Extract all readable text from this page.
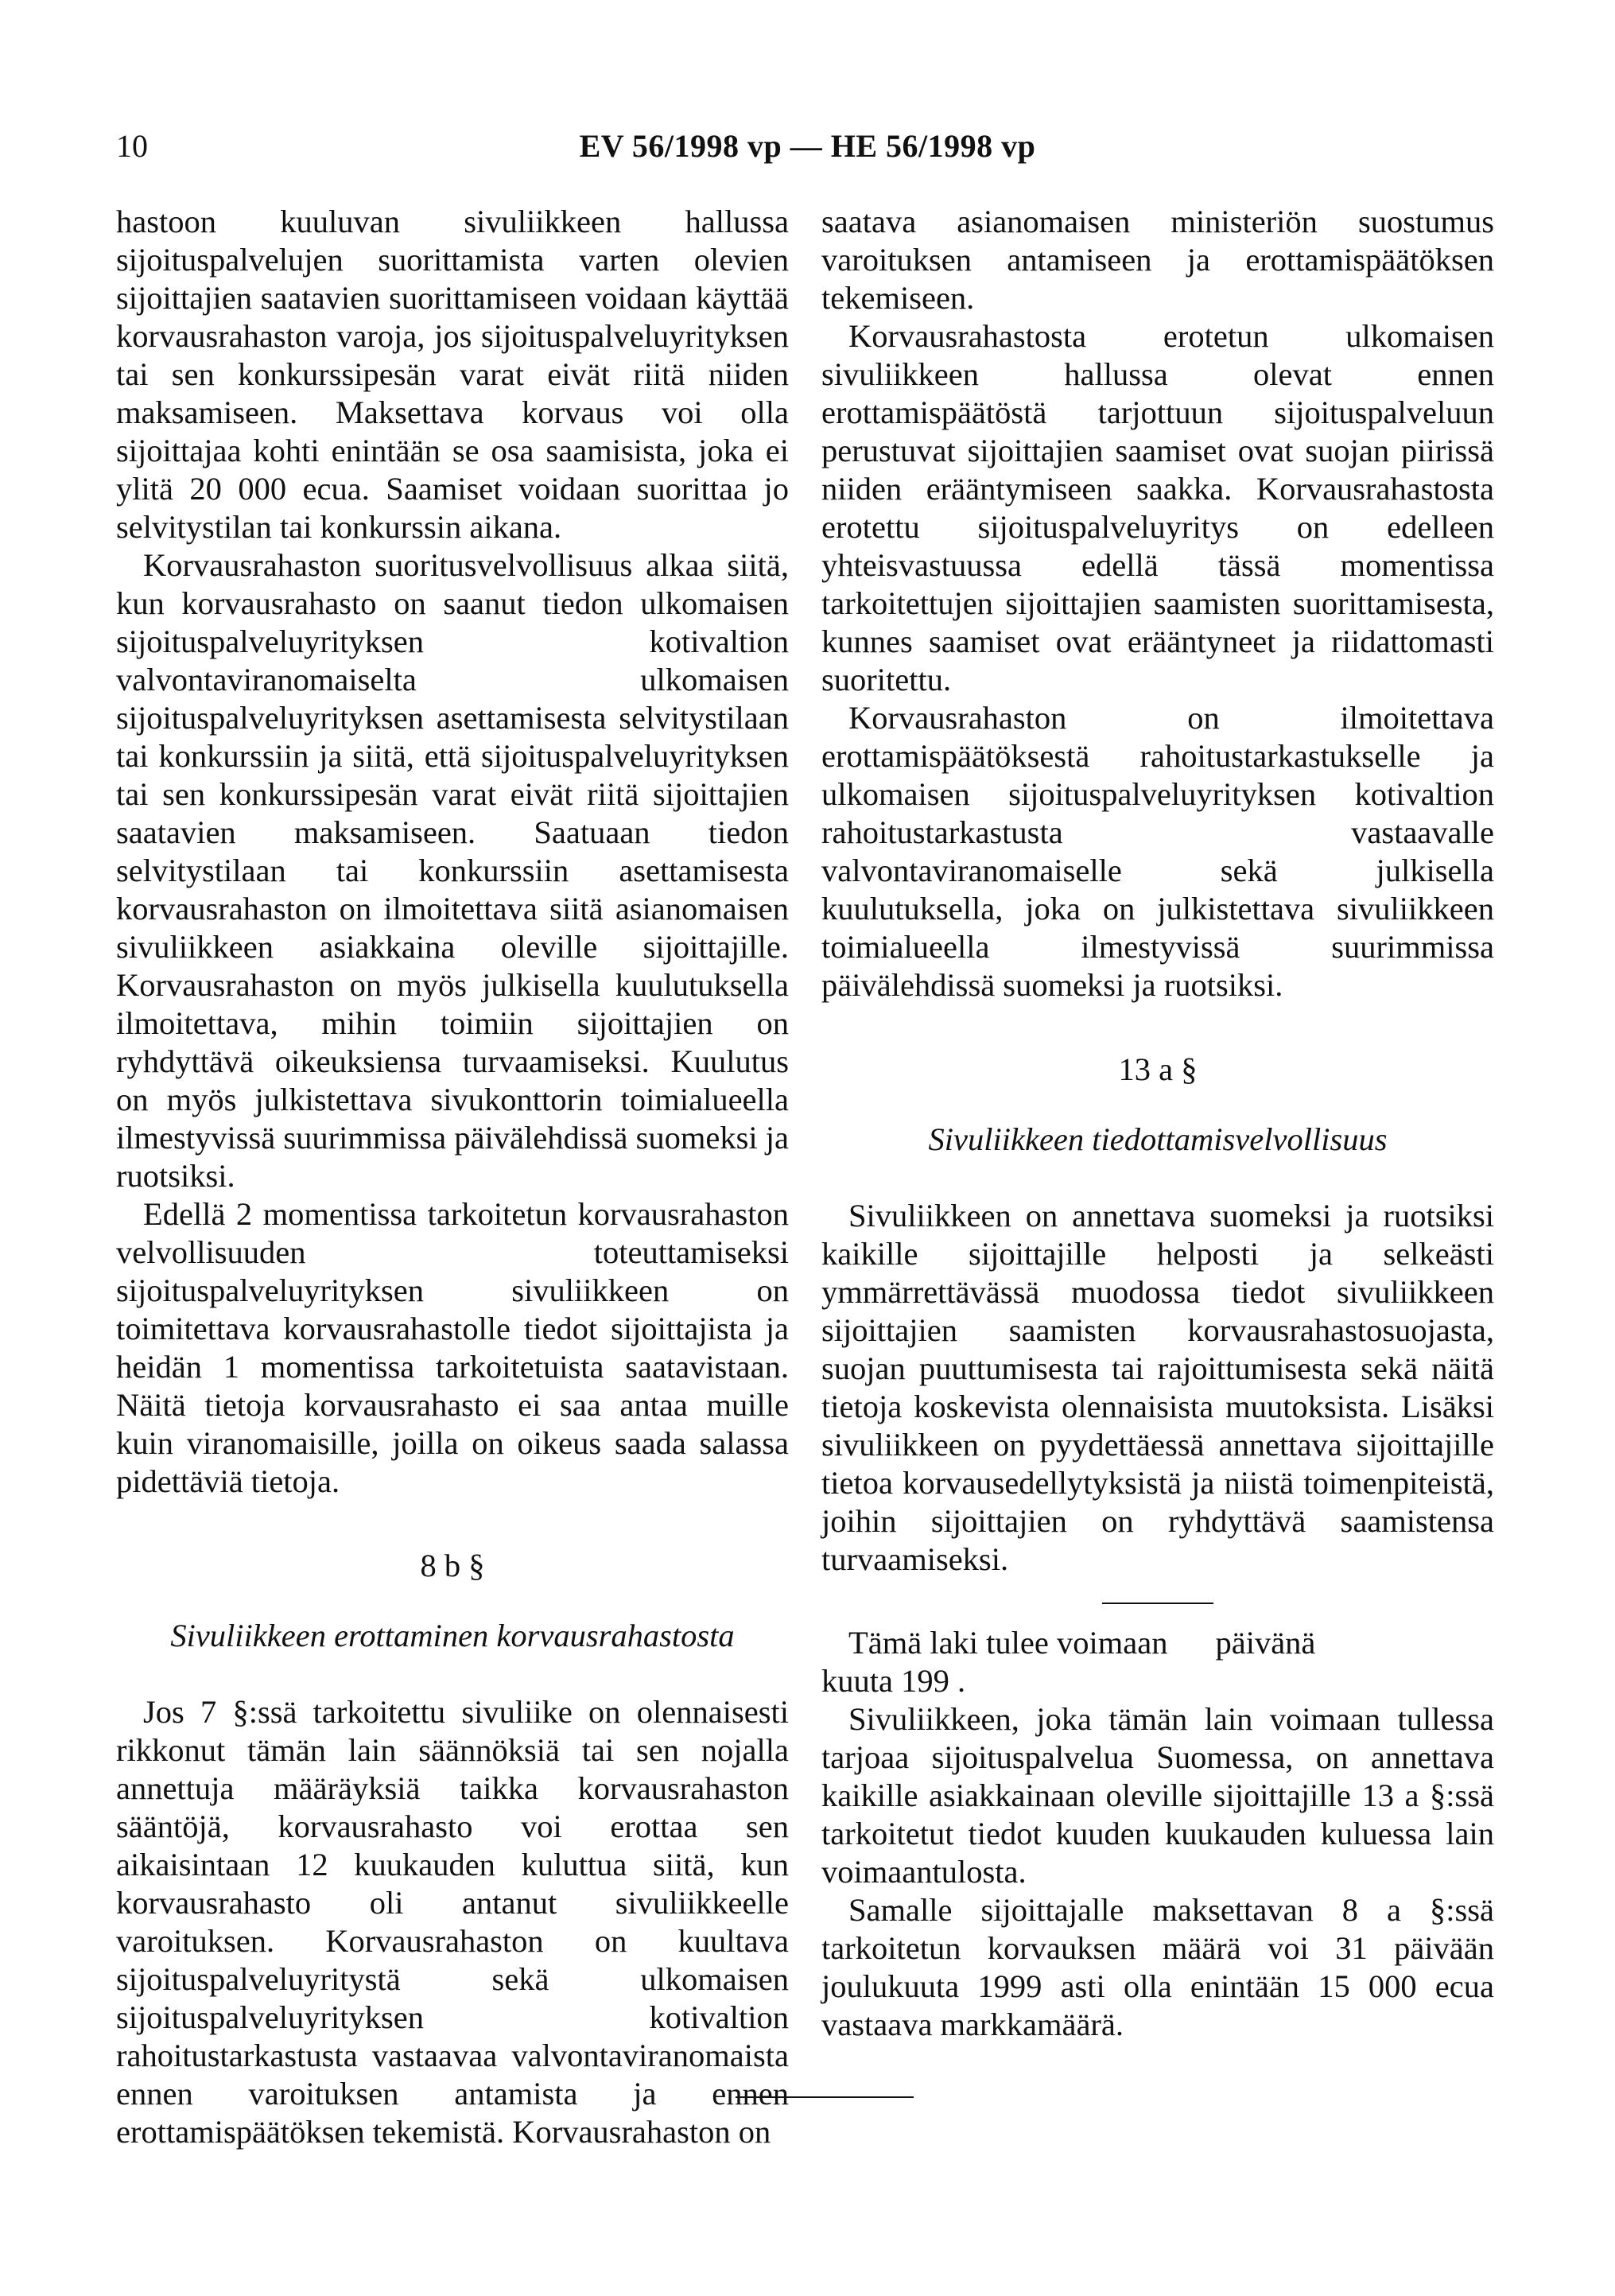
10	EV 56/1998 vp — HE 56/1998 vp

hastoon kuuluvan sivuliikkeen hallussa sijoituspalvelujen suorittamista varten olevien sijoittajien saatavien suorittamiseen voidaan käyttää korvausrahaston varoja, jos sijoituspalveluyrityksen tai sen konkurssipesän varat eivät riitä niiden maksamiseen. Maksettava korvaus voi olla sijoittajaa kohti enintään se osa saamisista, joka ei ylitä 20 000 ecua. Saamiset voidaan suorittaa jo selvitystilan tai konkurssin aikana.

Korvausrahaston suoritusvelvollisuus alkaa siitä, kun korvausrahasto on saanut tiedon ulkomaisen sijoituspalveluyrityksen kotivaltion valvontaviranomaiselta ulkomaisen sijoituspalveluyrityksen asettamisesta selvitystilaan tai konkurssiin ja siitä, että sijoituspalveluyrityksen tai sen konkurssipesän varat eivät riitä sijoittajien saatavien maksamiseen. Saatuaan tiedon selvitystilaan tai konkurssiin asettamisesta korvausrahaston on ilmoitettava siitä asianomaisen sivuliikkeen asiakkaina oleville sijoittajille. Korvausrahaston on myös julkisella kuulutuksella ilmoitettava, mihin toimiin sijoittajien on ryhdyttävä oikeuksiensa turvaamiseksi. Kuulutus on myös julkistettava sivukonttorin toimialueella ilmestyvissä suurimmissa päivälehdissä suomeksi ja ruotsiksi.

Edellä 2 momentissa tarkoitetun korvausrahaston velvollisuuden toteuttamiseksi sijoituspalveluyrityksen sivuliikkeen on toimitettava korvausrahastolle tiedot sijoittajista ja heidän 1 momentissa tarkoitetuista saatavistaan. Näitä tietoja korvausrahasto ei saa antaa muille kuin viranomaisille, joilla on oikeus saada salassa pidettäviä tietoja.

8 b §
Sivuliikkeen erottaminen korvausrahastosta

Jos 7 §:ssä tarkoitettu sivuliike on olennaisesti rikkonut tämän lain säännöksiä tai sen nojalla annettuja määräyksiä taikka korvausrahaston sääntöjä, korvausrahasto voi erottaa sen aikaisintaan 12 kuukauden kuluttua siitä, kun korvausrahasto oli antanut sivuliikkeelle varoituksen. Korvausrahaston on kuultava sijoituspalveluyritystä sekä ulkomaisen sijoituspalveluyrityksen kotivaltion rahoitustarkastusta vastaavaa valvontaviranomaista ennen varoituksen antamista ja ennen erottamispäätöksen tekemistä. Korvausrahaston on

saatava asianomaisen ministeriön suostumus varoituksen antamiseen ja erottamispäätöksen tekemiseen.

Korvausrahastosta erotetun ulkomaisen sivuliikkeen hallussa olevat ennen erottamispäätöstä tarjottuun sijoituspalveluun perustuvat sijoittajien saamiset ovat suojan piirissä niiden erääntymiseen saakka. Korvausrahastosta erotettu sijoituspalveluyritys on edelleen yhteisvastuussa edellä tässä momentissa tarkoitettujen sijoittajien saamisten suorittamisesta, kunnes saamiset ovat erääntyneet ja riidattomasti suoritettu.

Korvausrahaston on ilmoitettava erottamispäätöksestä rahoitustarkastukselle ja ulkomaisen sijoituspalveluyrityksen kotivaltion rahoitustarkastusta vastaavalle valvontaviranomaiselle sekä julkisella kuulutuksella, joka on julkistettava sivuliikkeen toimialueella ilmestyvissä suurimmissa päivälehdissä suomeksi ja ruotsiksi.

13 a §
Sivuliikkeen tiedottamisvelvollisuus

Sivuliikkeen on annettava suomeksi ja ruotsiksi kaikille sijoittajille helposti ja selkeästi ymmärrettävässä muodossa tiedot sivuliikkeen sijoittajien saamisten korvausrahastosuojasta, suojan puuttumisesta tai rajoittumisesta sekä näitä tietoja koskevista olennaisista muutoksista. Lisäksi sivuliikkeen on pyydettäessä annettava sijoittajille tietoa korvausedellytyksistä ja niistä toimenpiteistä, joihin sijoittajien on ryhdyttävä saamistensa turvaamiseksi.

Tämä laki tulee voimaan päivänä
kuuta 199 .

Sivuliikkeen, joka tämän lain voimaan tullessa tarjoaa sijoituspalvelua Suomessa, on annettava kaikille asiakkainaan oleville sijoittajille 13 a §:ssä tarkoitetut tiedot kuuden kuukauden kuluessa lain voimaantulosta.

Samalle sijoittajalle maksettavan 8 a §:ssä tarkoitetun korvauksen määrä voi 31 päivään joulukuuta 1999 asti olla enintään 15 000 ecua vastaava markkamäärä.
